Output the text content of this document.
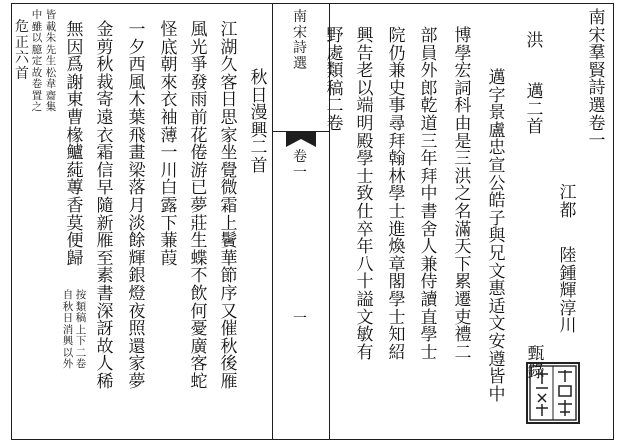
南
宋
羣
賢
詩
選
卷
一
江
都
陸
鍾
輝
淳
川
甄
錄
洪
邁
二
首
邁
字
景
盧
忠
宣
公
皓
子
與
兄
文
惠
适
文
安
遵
皆
中
博
學
宏
詞
科
由
是
三
洪
之
名
滿
天
下
累
遷
吏
禮
二
部
員
外
郎
乾
道
三
年
拜
中
書
舍
人
兼
侍
讀
直
學
士
院
仍
兼
史
事
尋
拜
翰
林
學
士
進
煥
章
閣
學
士
知
紹
興
告
老
以
端
明
殿
學
士
致
仕
卒
年
八
十
謚
文
敏
有
野
處
類
稿
二
卷
南
宋
詩
選
卷
一
一
秋
日
漫
興
二
首
江
湖
久
客
日
思
家
坐
覺
微
霜
上
鬢
華
節
序
又
催
秋
後
雁
風
光
爭
發
雨
前
花
倦
游
已
夢
莊
生
蝶
不
飲
何
憂
廣
客
蛇
怪
底
朝
來
衣
袖
薄
一
川
白
露
下
蒹
葭
一
夕
西
風
木
葉
飛
畫
梁
落
月
淡
餘
輝
銀
燈
夜
照
還
家
夢
金
剪
秋
裁
寄
遠
衣
霜
信
早
隨
新
雁
至
素
書
深
訝
故
人
稀
無
因
爲
謝
東
曹
椽
鱸
蒓
蓴
香
莫
便
歸
按
類
稿
上
下
二
卷
自
秋
日
消
興
以
外
皆
載
朱
先
生
松
韋
齋
集
中
雖
以
臆
定
故
卷
置
之
危
正
六
首
